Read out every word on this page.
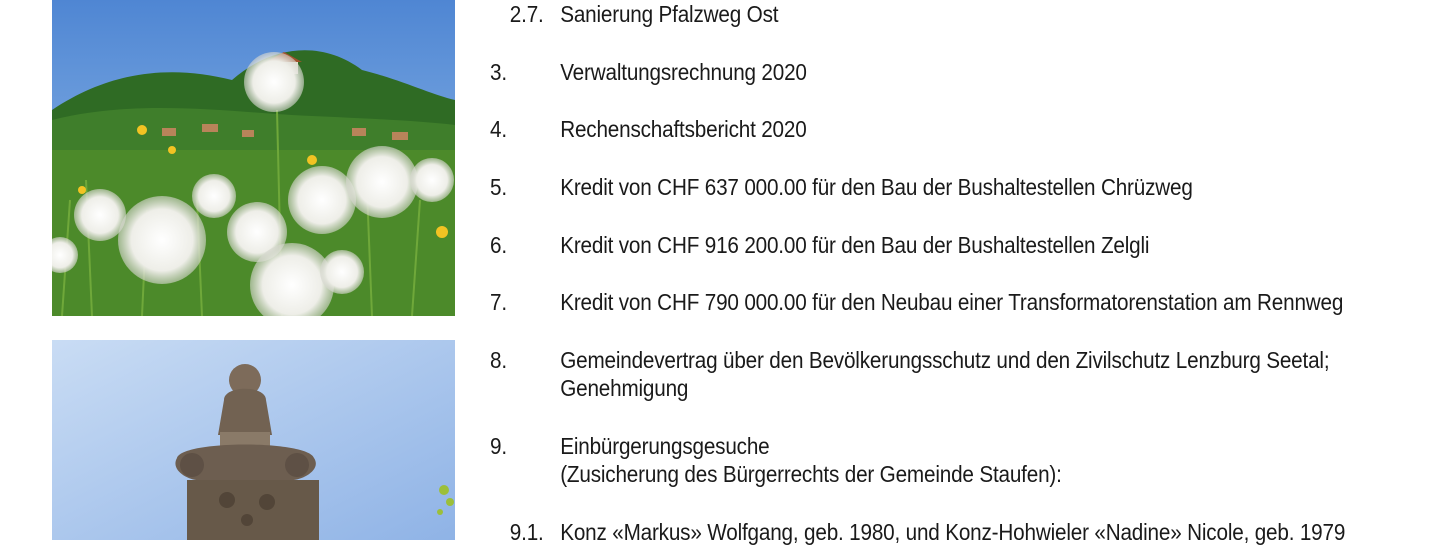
2.7. Sanierung Pfalzweg Ost
3. Verwaltungsrechnung 2020
4. Rechenschaftsbericht 2020
5. Kredit von CHF 637 000.00 für den Bau der Bushaltestellen Chrüzweg
6. Kredit von CHF 916 200.00 für den Bau der Bushaltestellen Zelgli
7. Kredit von CHF 790 000.00 für den Neubau einer Transformatorenstation am Rennweg
8. Gemeindevertrag über den Bevölkerungsschutz und den Zivilschutz Lenzburg Seetal;
Genehmigung
9. Einbürgerungsgesuche
(Zusicherung des Bürgerrechts der Gemeinde Staufen):
9.1. Konz «Markus» Wolfgang, geb. 1980, und Konz-Hohwieler «Nadine» Nicole, geb. 1979
